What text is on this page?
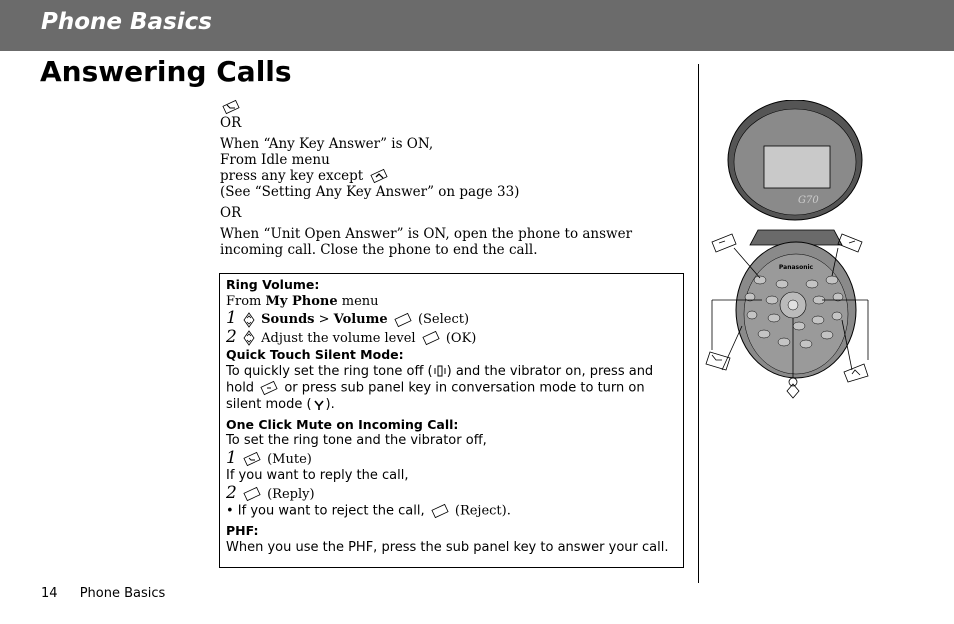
Phone Basics
Answering Calls

OR

When “Any Key Answer” is ON,

From Idle menu

press any key except

(See “Setting Any Key Answer” on page 33)

OR

When “Unit Open Answer” is ON, open the phone to answer incoming call. Close the phone to end the call.

Ring Volume:
From My Phone menu
1 Sounds > Volume (Select)
2 Adjust the volume level (OK)
Quick Touch Silent Mode:
To quickly set the ring tone off ( ) and the vibrator on, press and
hold or press sub panel key in conversation mode to turn on
silent mode ( ).
One Click Mute on Incoming Call:
To set the ring tone and the vibrator off,
1 (Mute)
If you want to reply the call,
2 (Reply)
• If you want to reject the call, (Reject).
PHF:
When you use the PHF, press the sub panel key to answer your call.
G70
Panasonic
14 Phone Basics
